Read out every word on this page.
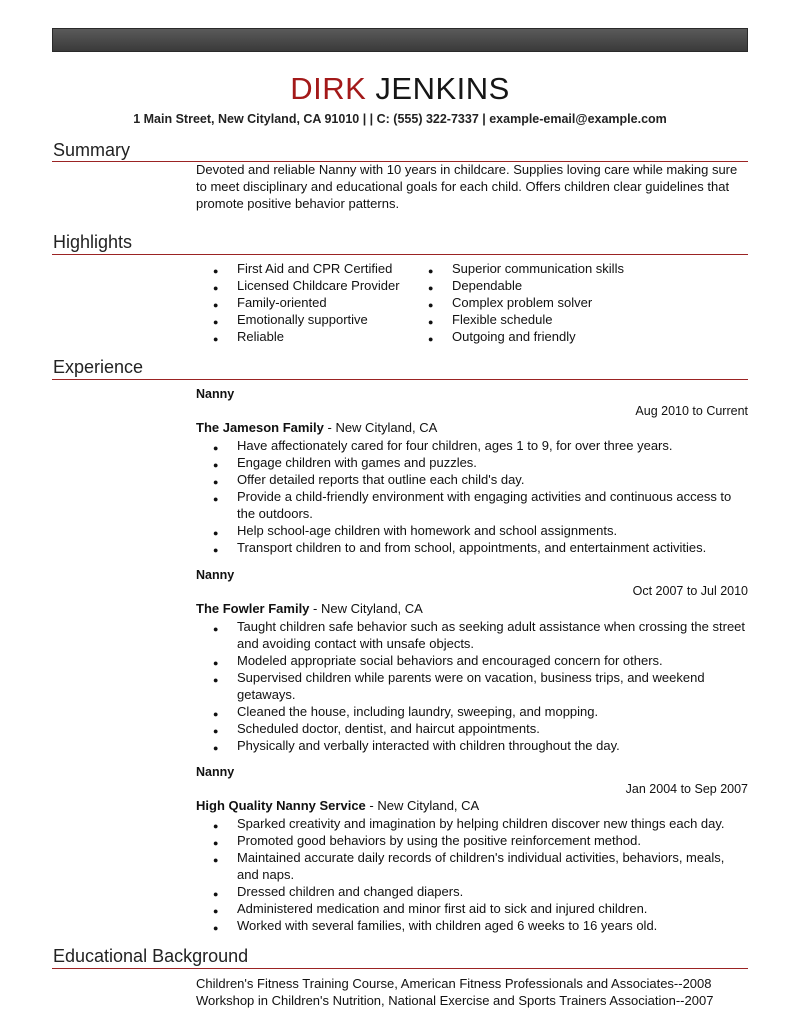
DIRK JENKINS
1 Main Street, New Cityland, CA 91010 | | C: (555) 322-7337 | example-email@example.com
Summary
Devoted and reliable Nanny with 10 years in childcare. Supplies loving care while making sure to meet disciplinary and educational goals for each child. Offers children clear guidelines that promote positive behavior patterns.
Highlights
● First Aid and CPR Certified
● Licensed Childcare Provider
● Family-oriented
● Emotionally supportive
● Reliable
● Superior communication skills
● Dependable
● Complex problem solver
● Flexible schedule
● Outgoing and friendly
Experience
Nanny
Aug 2010 to Current
The Jameson Family - New Cityland, CA
● Have affectionately cared for four children, ages 1 to 9, for over three years.
● Engage children with games and puzzles.
● Offer detailed reports that outline each child's day.
● Provide a child-friendly environment with engaging activities and continuous access to the outdoors.
● Help school-age children with homework and school assignments.
● Transport children to and from school, appointments, and entertainment activities.
Nanny
Oct 2007 to Jul 2010
The Fowler Family - New Cityland, CA
● Taught children safe behavior such as seeking adult assistance when crossing the street and avoiding contact with unsafe objects.
● Modeled appropriate social behaviors and encouraged concern for others.
● Supervised children while parents were on vacation, business trips, and weekend getaways.
● Cleaned the house, including laundry, sweeping, and mopping.
● Scheduled doctor, dentist, and haircut appointments.
● Physically and verbally interacted with children throughout the day.
Nanny
Jan 2004 to Sep 2007
High Quality Nanny Service - New Cityland, CA
● Sparked creativity and imagination by helping children discover new things each day.
● Promoted good behaviors by using the positive reinforcement method.
● Maintained accurate daily records of children's individual activities, behaviors, meals, and naps.
● Dressed children and changed diapers.
● Administered medication and minor first aid to sick and injured children.
● Worked with several families, with children aged 6 weeks to 16 years old.
Educational Background
Children's Fitness Training Course, American Fitness Professionals and Associates--2008
Workshop in Children's Nutrition, National Exercise and Sports Trainers Association--2007
